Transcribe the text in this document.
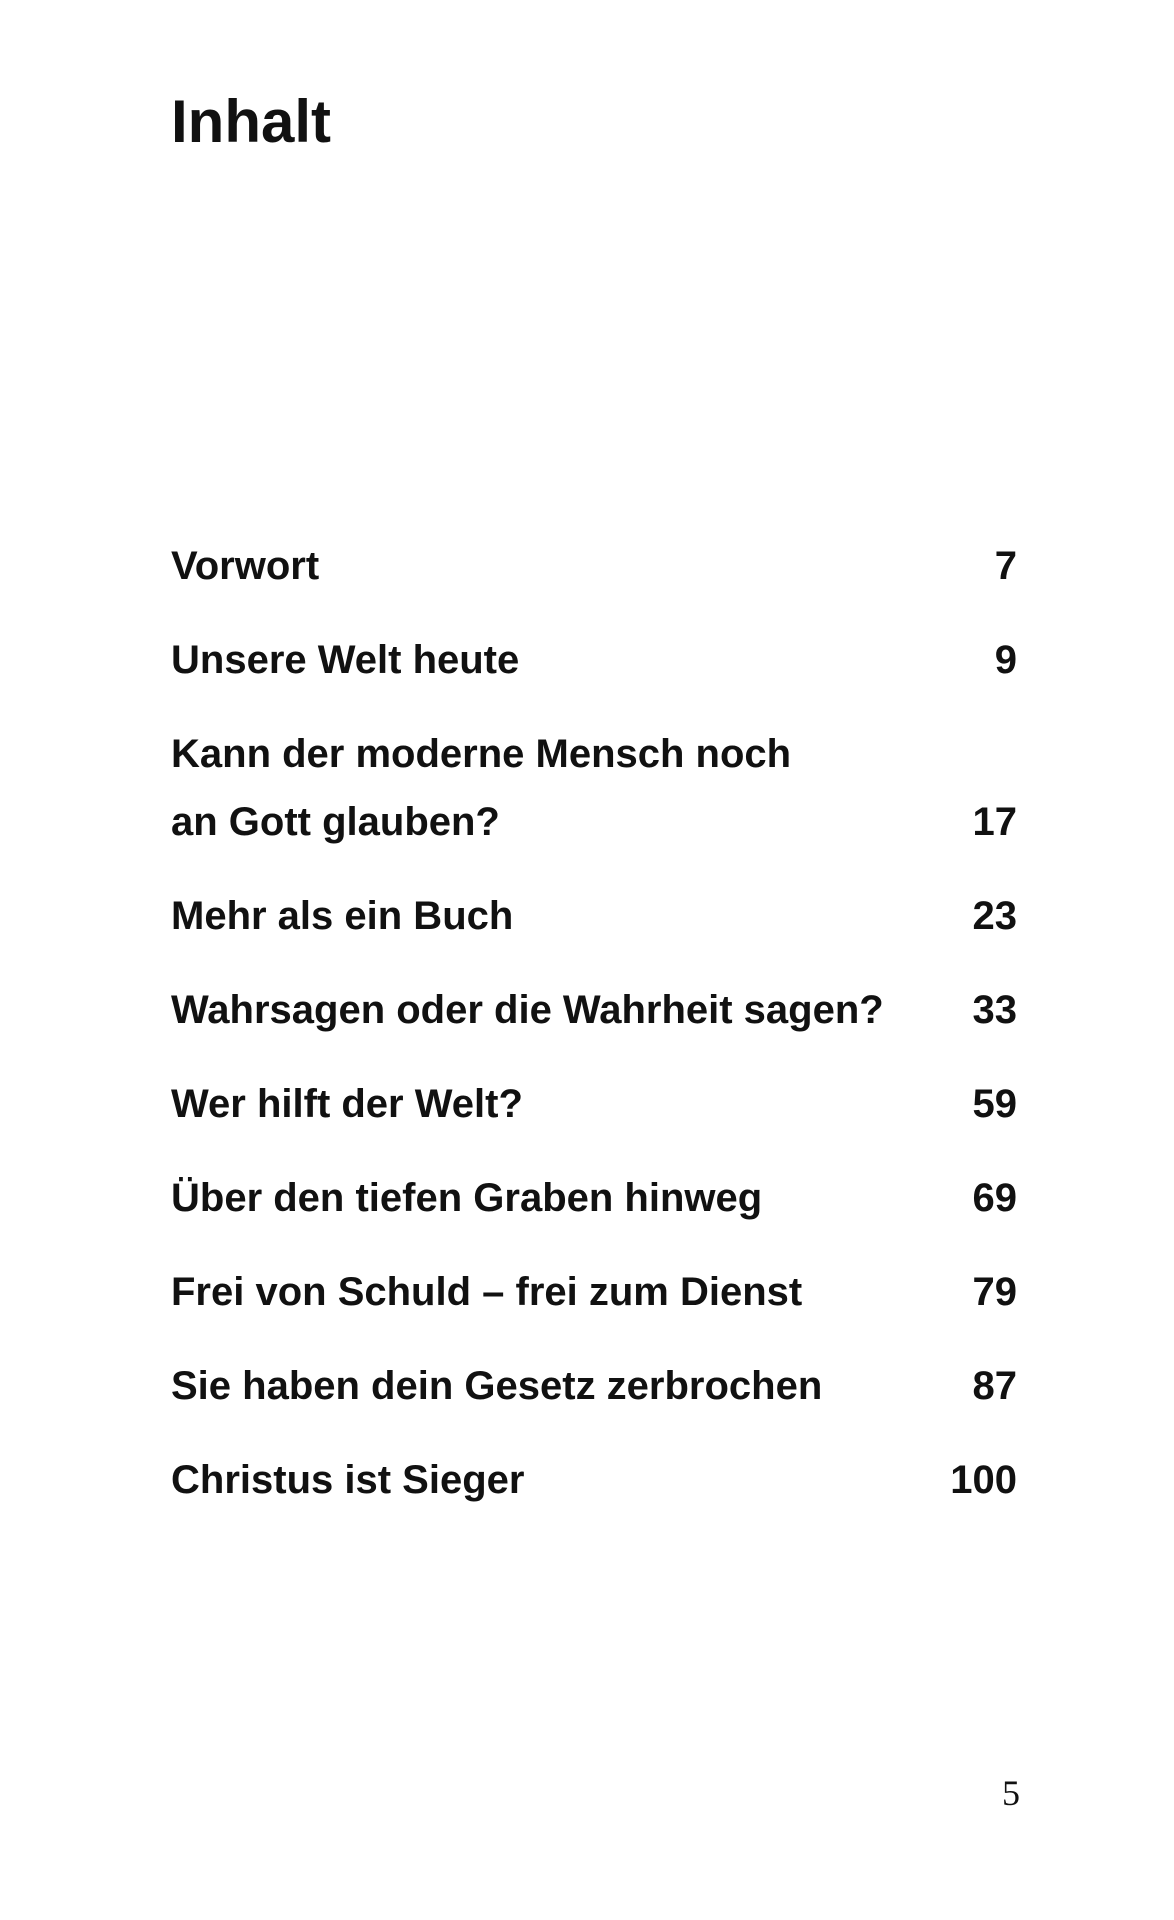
Inhalt
Vorwort	7
Unsere Welt heute	9
Kann der moderne Mensch noch
an Gott glauben?	17
Mehr als ein Buch	23
Wahrsagen oder die Wahrheit sagen?	33
Wer hilft der Welt?	59
Über den tiefen Graben hinweg	69
Frei von Schuld – frei zum Dienst	79
Sie haben dein Gesetz zerbrochen	87
Christus ist Sieger	100
5
